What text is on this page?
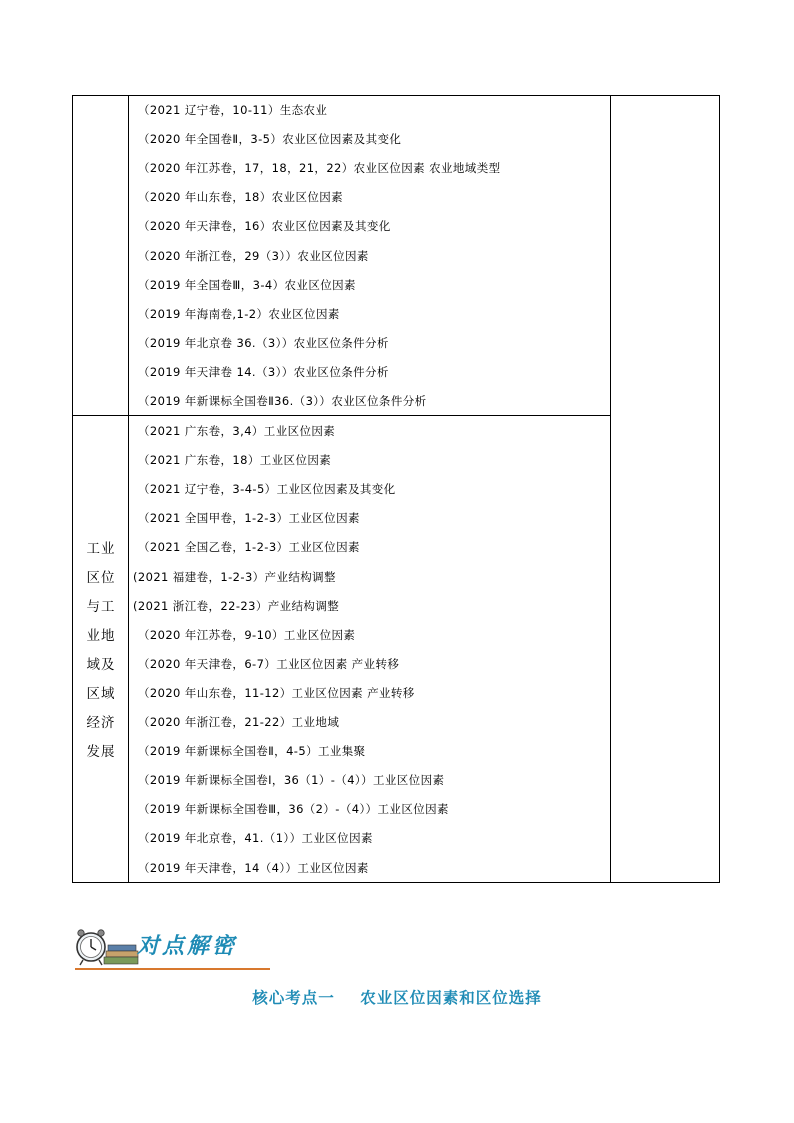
（2021 辽宁卷，10-11）生态农业
（2020 年全国卷Ⅱ，3-5）农业区位因素及其变化
（2020 年江苏卷，17，18，21，22）农业区位因素 农业地域类型
（2020 年山东卷，18）农业区位因素
（2020 年天津卷，16）农业区位因素及其变化
（2020 年浙江卷，29（3））农业区位因素
（2019 年全国卷Ⅲ，3-4）农业区位因素
（2019 年海南卷,1-2）农业区位因素
（2019 年北京卷 36.（3））农业区位条件分析
（2019 年天津卷 14.（3））农业区位条件分析
（2019 年新课标全国卷Ⅱ36.（3））农业区位条件分析
（2021 广东卷，3,4）工业区位因素
（2021 广东卷，18）工业区位因素
（2021 辽宁卷，3-4-5）工业区位因素及其变化
（2021 全国甲卷，1-2-3）工业区位因素
（2021 全国乙卷，1-2-3）工业区位因素
(2021 福建卷，1-2-3）产业结构调整
(2021 浙江卷，22-23）产业结构调整
（2020 年江苏卷，9-10）工业区位因素
（2020 年天津卷，6-7）工业区位因素 产业转移
（2020 年山东卷，11-12）工业区位因素 产业转移
（2020 年浙江卷，21-22）工业地域
（2019 年新课标全国卷Ⅱ，4-5）工业集聚
（2019 年新课标全国卷Ⅰ，36（1）-（4））工业区位因素
（2019 年新课标全国卷Ⅲ，36（2）-（4））工业区位因素
（2019 年北京卷，41.（1））工业区位因素
（2019 年天津卷，14（4））工业区位因素
工业
区位
与工
业地
域及
区域
经济
发展
对点解密
核心考点一    农业区位因素和区位选择
